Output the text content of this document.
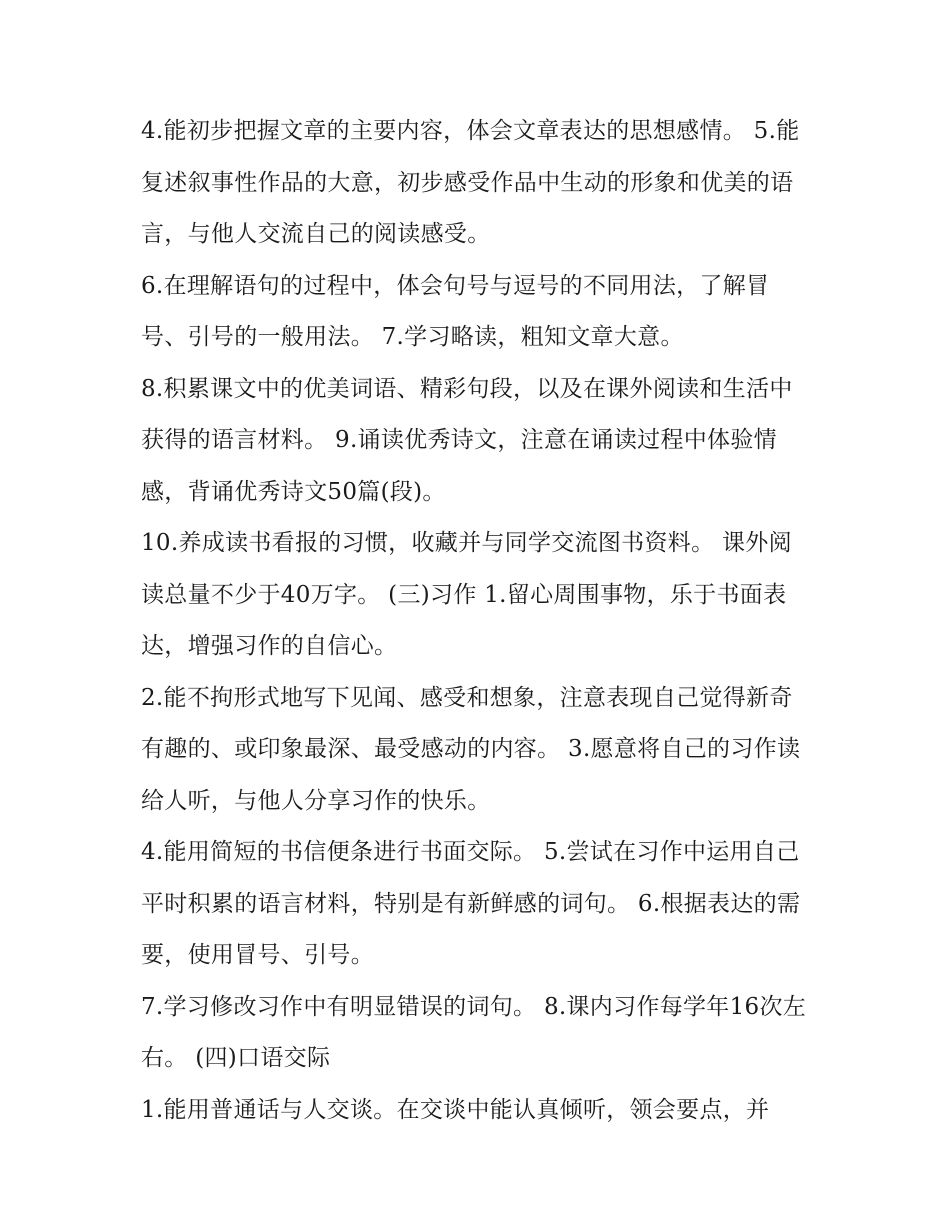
4.能初步把握文章的主要内容，体会文章表达的思想感情。 5.能复述叙事性作品的大意，初步感受作品中生动的形象和优美的语言，与他人交流自己的阅读感受。

6.在理解语句的过程中，体会句号与逗号的不同用法，了解冒号、引号的一般用法。 7.学习略读，粗知文章大意。

8.积累课文中的优美词语、精彩句段，以及在课外阅读和生活中获得的语言材料。 9.诵读优秀诗文，注意在诵读过程中体验情感，背诵优秀诗文50篇(段)。

10.养成读书看报的习惯，收藏并与同学交流图书资料。 课外阅读总量不少于40万字。 (三)习作 1.留心周围事物，乐于书面表达，增强习作的自信心。

2.能不拘形式地写下见闻、感受和想象，注意表现自己觉得新奇有趣的、或印象最深、最受感动的内容。 3.愿意将自己的习作读给人听，与他人分享习作的快乐。

4.能用简短的书信便条进行书面交际。 5.尝试在习作中运用自己平时积累的语言材料，特别是有新鲜感的词句。 6.根据表达的需要，使用冒号、引号。

7.学习修改习作中有明显错误的词句。 8.课内习作每学年16次左右。 (四)口语交际

1.能用普通话与人交谈。在交谈中能认真倾听，领会要点，并
